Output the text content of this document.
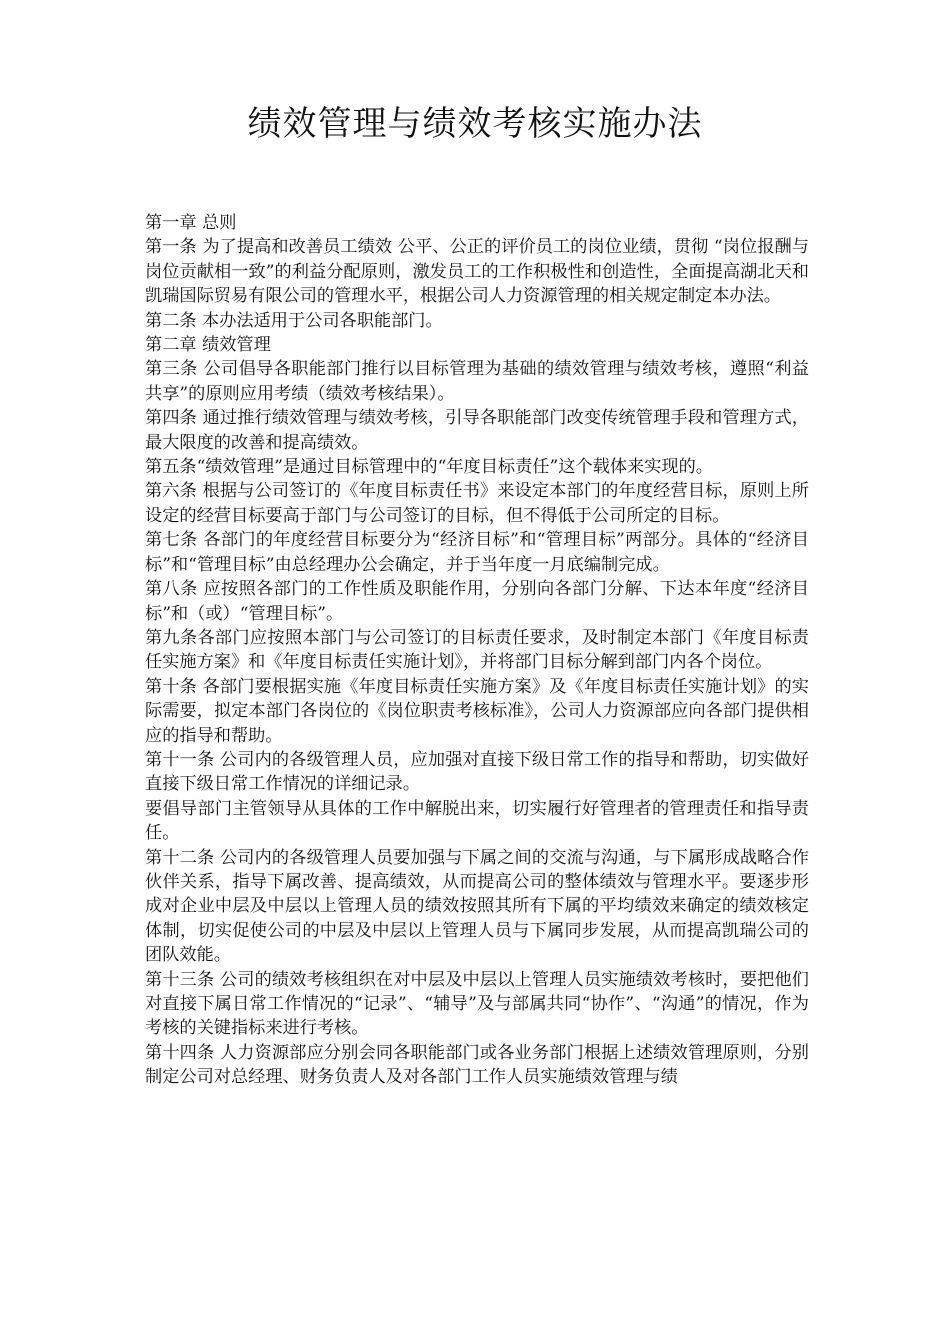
绩效管理与绩效考核实施办法

第一章 总则

第一条 为了提高和改善员工绩效 公平、公正的评价员工的岗位业绩，贯彻 “岗位报酬与岗位贡献相一致”的利益分配原则，激发员工的工作积极性和创造性，全面提高湖北天和凯瑞国际贸易有限公司的管理水平，根据公司人力资源管理的相关规定制定本办法。

第二条 本办法适用于公司各职能部门。

第二章 绩效管理

第三条 公司倡导各职能部门推行以目标管理为基础的绩效管理与绩效考核，遵照“利益共享”的原则应用考绩（绩效考核结果）。

第四条 通过推行绩效管理与绩效考核，引导各职能部门改变传统管理手段和管理方式，最大限度的改善和提高绩效。

第五条“绩效管理”是通过目标管理中的“年度目标责任”这个载体来实现的。

第六条 根据与公司签订的《年度目标责任书》来设定本部门的年度经营目标，原则上所设定的经营目标要高于部门与公司签订的目标，但不得低于公司所定的目标。

第七条 各部门的年度经营目标要分为“经济目标”和“管理目标”两部分。具体的“经济目标”和“管理目标”由总经理办公会确定，并于当年度一月底编制完成。

第八条 应按照各部门的工作性质及职能作用，分别向各部门分解、下达本年度“经济目标”和（或）“管理目标”。

第九条各部门应按照本部门与公司签订的目标责任要求，及时制定本部门《年度目标责任实施方案》和《年度目标责任实施计划》，并将部门目标分解到部门内各个岗位。

第十条 各部门要根据实施《年度目标责任实施方案》及《年度目标责任实施计划》的实际需要，拟定本部门各岗位的《岗位职责考核标准》，公司人力资源部应向各部门提供相应的指导和帮助。

第十一条 公司内的各级管理人员，应加强对直接下级日常工作的指导和帮助，切实做好直接下级日常工作情况的详细记录。

要倡导部门主管领导从具体的工作中解脱出来，切实履行好管理者的管理责任和指导责任。

第十二条 公司内的各级管理人员要加强与下属之间的交流与沟通，与下属形成战略合作伙伴关系，指导下属改善、提高绩效，从而提高公司的整体绩效与管理水平。要逐步形成对企业中层及中层以上管理人员的绩效按照其所有下属的平均绩效来确定的绩效核定体制，切实促使公司的中层及中层以上管理人员与下属同步发展，从而提高凯瑞公司的团队效能。

第十三条 公司的绩效考核组织在对中层及中层以上管理人员实施绩效考核时，要把他们对直接下属日常工作情况的“记录”、“辅导”及与部属共同“协作”、“沟通”的情况，作为考核的关键指标来进行考核。

第十四条 人力资源部应分别会同各职能部门或各业务部门根据上述绩效管理原则，分别制定公司对总经理、财务负责人及对各部门工作人员实施绩效管理与绩
